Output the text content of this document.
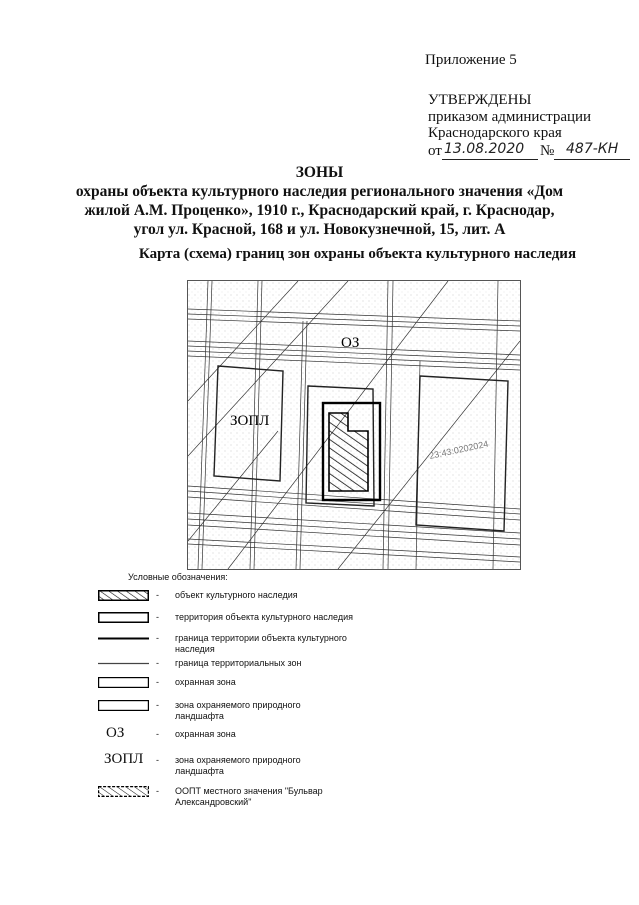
Приложение 5
УТВЕРЖДЕНЫ
приказом администрации
Краснодарского края
от 13.08.2020 № 487-КН
ЗОНЫ
охраны объекта культурного наследия регионального значения «Дом
жилой А.М. Проценко», 1910 г., Краснодарский край, г. Краснодар,
угол ул. Красной, 168 и ул. Новокузнечной, 15, лит. А
Карта (схема) границ зон охраны объекта культурного наследия
23:43:0202024
ОЗ
ЗОПЛ
Условные обозначения:
- объект культурного наследия
- территория объекта культурного наследия
- граница территории объекта культурного наследия
- граница территориальных зон
- охранная зона
- зона охраняемого природного ландшафта
ОЗ	- охранная зона
ЗОПЛ - зона охраняемого природного ландшафта
- ООПТ местного значения "Бульвар Александровский"
